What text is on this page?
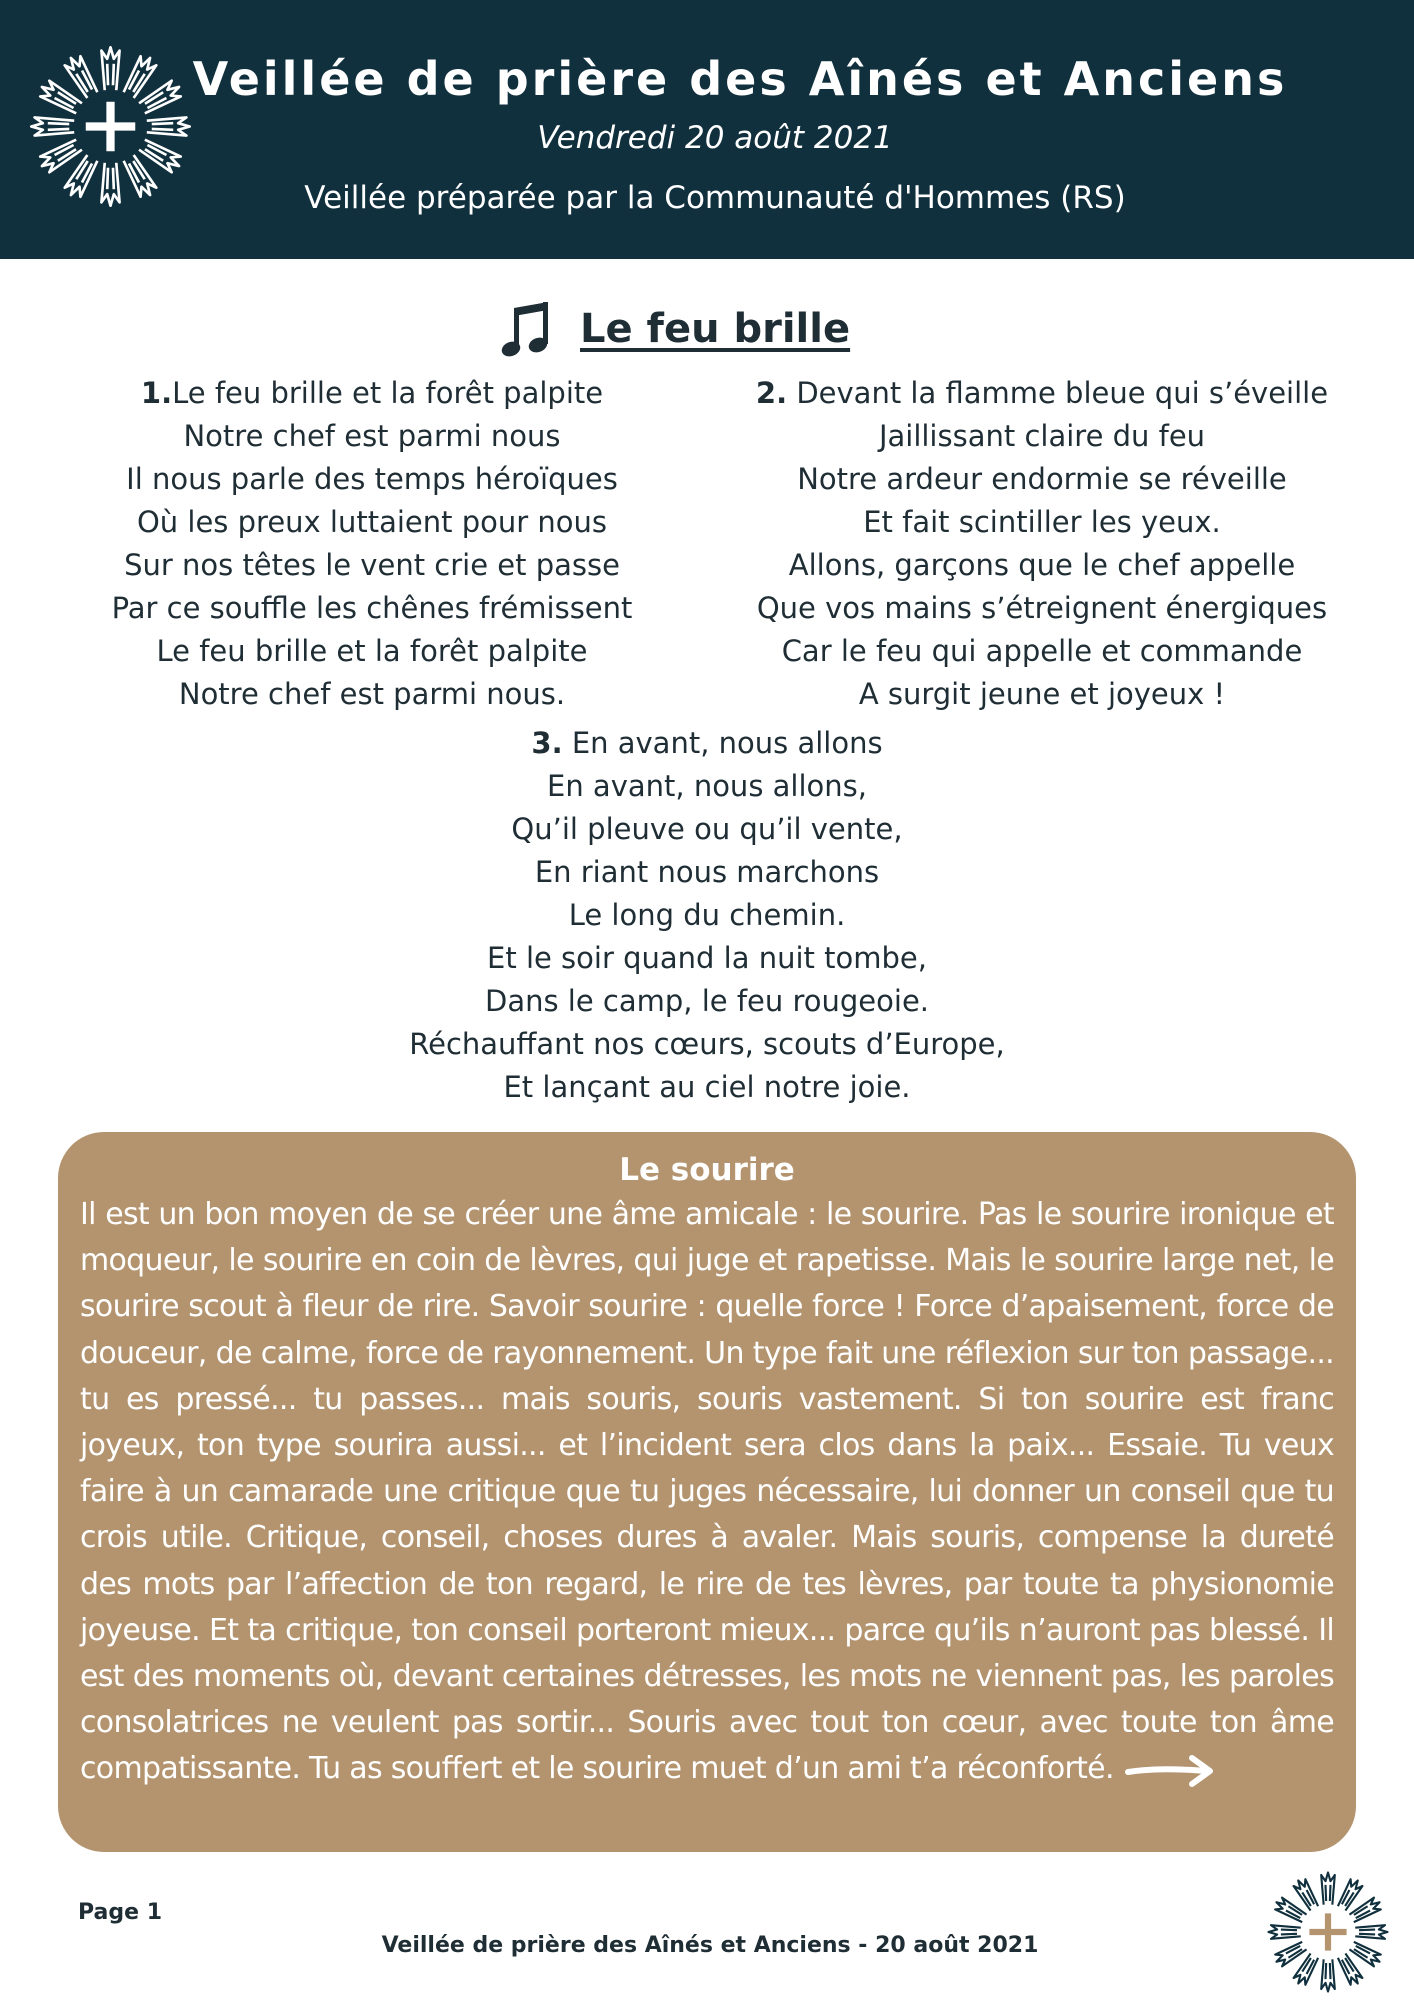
Veillée de prière des Aînés et Anciens
Vendredi 20 août 2021
Veillée préparée par la Communauté d'Hommes (RS)
Le feu brille
1.Le feu brille et la forêt palpite
Notre chef est parmi nous
Il nous parle des temps héroïques
Où les preux luttaient pour nous
Sur nos têtes le vent crie et passe
Par ce souffle les chênes frémissent
Le feu brille et la forêt palpite
Notre chef est parmi nous.
2. Devant la flamme bleue qui s’éveille
Jaillissant claire du feu
Notre ardeur endormie se réveille
Et fait scintiller les yeux.
Allons, garçons que le chef appelle
Que vos mains s’étreignent énergiques
Car le feu qui appelle et commande
A surgit jeune et joyeux !
3. En avant, nous allons
En avant, nous allons,
Qu’il pleuve ou qu’il vente,
En riant nous marchons
Le long du chemin.
Et le soir quand la nuit tombe,
Dans le camp, le feu rougeoie.
Réchauffant nos cœurs, scouts d’Europe,
Et lançant au ciel notre joie.
Le sourire
Il est un bon moyen de se créer une âme amicale : le sourire. Pas le sourire ironique et moqueur, le sourire en coin de lèvres, qui juge et rapetisse. Mais le sourire large net, le sourire scout à fleur de rire. Savoir sourire : quelle force ! Force d’apaisement, force de douceur, de calme, force de rayonnement. Un type fait une réflexion sur ton passage... tu es pressé... tu passes... mais souris, souris vastement. Si ton sourire est franc joyeux, ton type sourira aussi... et l’incident sera clos dans la paix... Essaie. Tu veux faire à un camarade une critique que tu juges nécessaire, lui donner un conseil que tu crois utile. Critique, conseil, choses dures à avaler. Mais souris, compense la dureté des mots par l’affection de ton regard, le rire de tes lèvres, par toute ta physionomie joyeuse. Et ta critique, ton conseil porteront mieux... parce qu’ils n’auront pas blessé. Il est des moments où, devant certaines détresses, les mots ne viennent pas, les paroles consolatrices ne veulent pas sortir... Souris avec tout ton cœur, avec toute ton âme compatissante. Tu as souffert et le sourire muet d’un ami t’a réconforté.
Page 1
Veillée de prière des Aînés et Anciens - 20 août 2021
